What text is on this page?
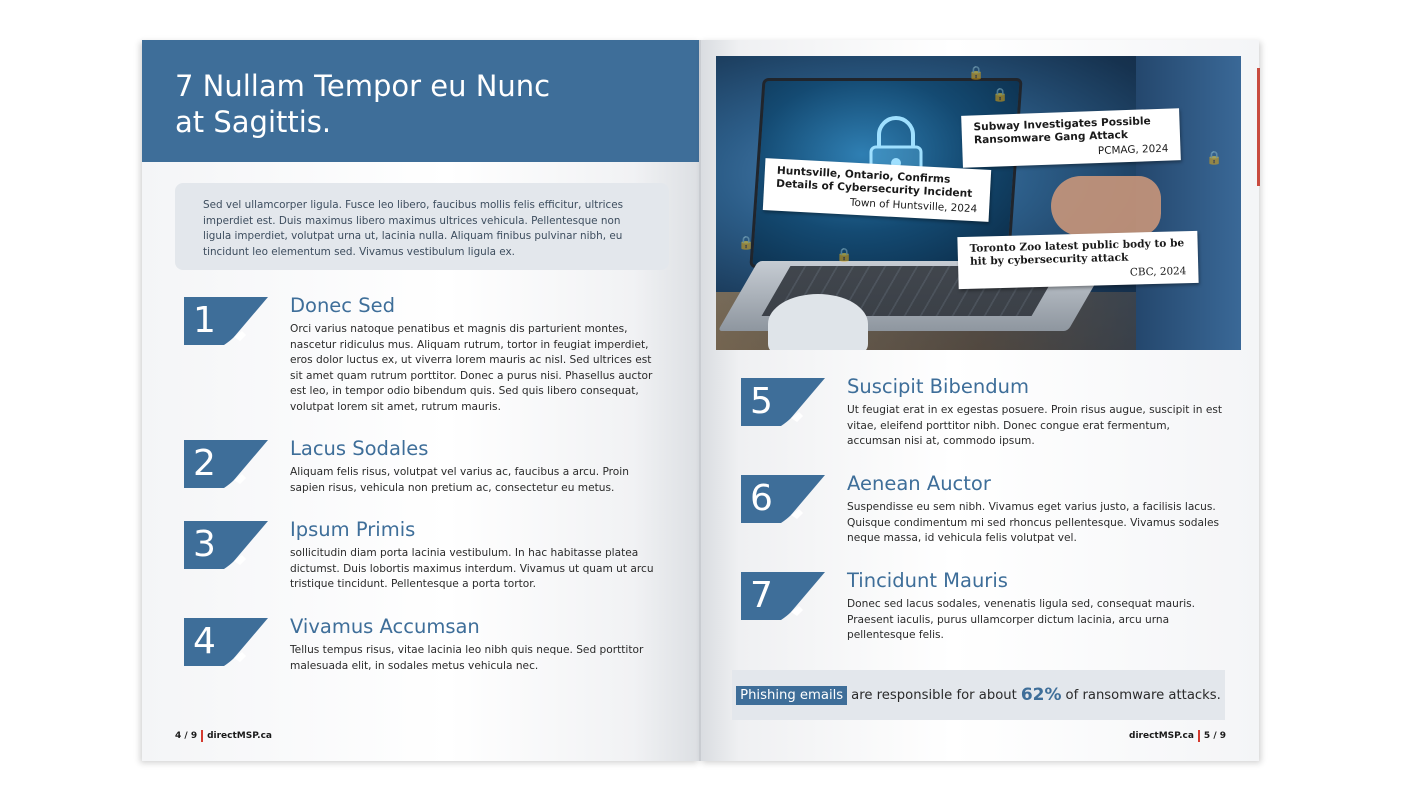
7 Nullam Tempor eu Nunc at Sagittis.
Sed vel ullamcorper ligula. Fusce leo libero, faucibus mollis felis efficitur, ultrices imperdiet est. Duis maximus libero maximus ultrices vehicula. Pellentesque non ligula imperdiet, volutpat urna ut, lacinia nulla. Aliquam finibus pulvinar nibh, eu tincidunt leo elementum sed. Vivamus vestibulum ligula ex.
1	Donec Sed
Orci varius natoque penatibus et magnis dis parturient montes, nascetur ridiculus mus. Aliquam rutrum, tortor in feugiat imperdiet, eros dolor luctus ex, ut viverra lorem mauris ac nisl. Sed ultrices est sit amet quam rutrum porttitor. Donec a purus nisi. Phasellus auctor est leo, in tempor odio bibendum quis. Sed quis libero consequat, volutpat lorem sit amet, rutrum mauris.
2	Lacus Sodales
Aliquam felis risus, volutpat vel varius ac, faucibus a arcu. Proin sapien risus, vehicula non pretium ac, consectetur eu metus.
3	Ipsum Primis
sollicitudin diam porta lacinia vestibulum. In hac habitasse platea dictumst. Duis lobortis maximus interdum. Vivamus ut quam ut arcu tristique tincidunt. Pellentesque a porta tortor.
4	Vivamus Accumsan
Tellus tempus risus, vitae lacinia leo nibh quis neque. Sed porttitor malesuada elit, in sodales metus vehicula nec.
4 / 9 directMSP.ca
🔒
🔒
🔒
🔒
🔒
Subway Investigates Possible Ransomware Gang Attack
PCMAG, 2024
Huntsville, Ontario, Confirms Details of Cybersecurity Incident
Town of Huntsville, 2024
Toronto Zoo latest public body to be hit by cybersecurity attack
CBC, 2024
5	Suscipit Bibendum
Ut feugiat erat in ex egestas posuere. Proin risus augue, suscipit in est vitae, eleifend porttitor nibh. Donec congue erat fermentum, accumsan nisi at, commodo ipsum.
6	Aenean Auctor
Suspendisse eu sem nibh. Vivamus eget varius justo, a facilisis lacus. Quisque condimentum mi sed rhoncus pellentesque. Vivamus sodales neque massa, id vehicula felis volutpat vel.
7	Tincidunt Mauris
Donec sed lacus sodales, venenatis ligula sed, consequat mauris. Praesent iaculis, purus ullamcorper dictum lacinia, arcu urna pellentesque felis.
Phishing emails are responsible for about 62% of ransomware attacks.
directMSP.ca 5 / 9
